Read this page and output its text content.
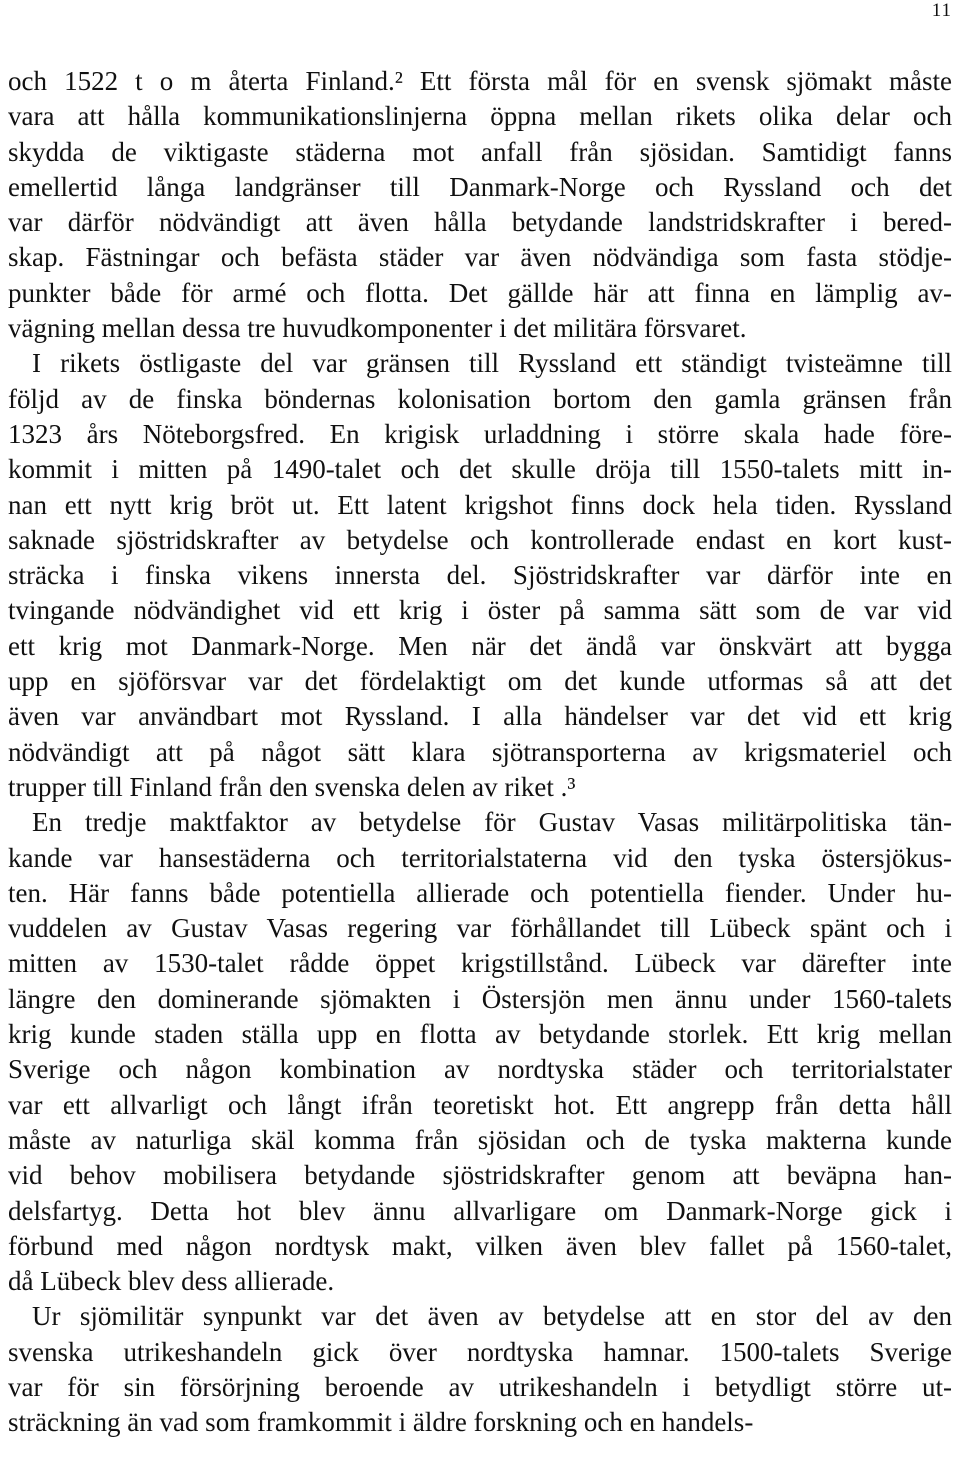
11
och 1522 t o m återta Finland.² Ett första mål för en svensk sjömakt måste
vara att hålla kommunikationslinjerna öppna mellan rikets olika delar och
skydda de viktigaste städerna mot anfall från sjösidan. Samtidigt fanns
emellertid långa landgränser till Danmark-Norge och Ryssland och det
var därför nödvändigt att även hålla betydande landstridskrafter i bered-
skap. Fästningar och befästa städer var även nödvändiga som fasta stödje-
punkter både för armé och flotta. Det gällde här att finna en lämplig av-
vägning mellan dessa tre huvudkomponenter i det militära försvaret.
I rikets östligaste del var gränsen till Ryssland ett ständigt tvisteämne till
följd av de finska böndernas kolonisation bortom den gamla gränsen från
1323 års Nöteborgsfred. En krigisk urladdning i större skala hade före-
kommit i mitten på 1490-talet och det skulle dröja till 1550-talets mitt in-
nan ett nytt krig bröt ut. Ett latent krigshot finns dock hela tiden. Ryssland
saknade sjöstridskrafter av betydelse och kontrollerade endast en kort kust-
sträcka i finska vikens innersta del. Sjöstridskrafter var därför inte en
tvingande nödvändighet vid ett krig i öster på samma sätt som de var vid
ett krig mot Danmark-Norge. Men när det ändå var önskvärt att bygga
upp en sjöförsvar var det fördelaktigt om det kunde utformas så att det
även var användbart mot Ryssland. I alla händelser var det vid ett krig
nödvändigt att på något sätt klara sjötransporterna av krigsmateriel och
trupper till Finland från den svenska delen av riket .³
En tredje maktfaktor av betydelse för Gustav Vasas militärpolitiska tän-
kande var hansestäderna och territorialstaterna vid den tyska östersjökus-
ten. Här fanns både potentiella allierade och potentiella fiender. Under hu-
vuddelen av Gustav Vasas regering var förhållandet till Lübeck spänt och i
mitten av 1530-talet rådde öppet krigstillstånd. Lübeck var därefter inte
längre den dominerande sjömakten i Östersjön men ännu under 1560-talets
krig kunde staden ställa upp en flotta av betydande storlek. Ett krig mellan
Sverige och någon kombination av nordtyska städer och territorialstater
var ett allvarligt och långt ifrån teoretiskt hot. Ett angrepp från detta håll
måste av naturliga skäl komma från sjösidan och de tyska makterna kunde
vid behov mobilisera betydande sjöstridskrafter genom att beväpna han-
delsfartyg. Detta hot blev ännu allvarligare om Danmark-Norge gick i
förbund med någon nordtysk makt, vilken även blev fallet på 1560-talet,
då Lübeck blev dess allierade.
Ur sjömilitär synpunkt var det även av betydelse att en stor del av den
svenska utrikeshandeln gick över nordtyska hamnar. 1500-talets Sverige
var för sin försörjning beroende av utrikeshandeln i betydligt större ut-
sträckning än vad som framkommit i äldre forskning och en handels-
